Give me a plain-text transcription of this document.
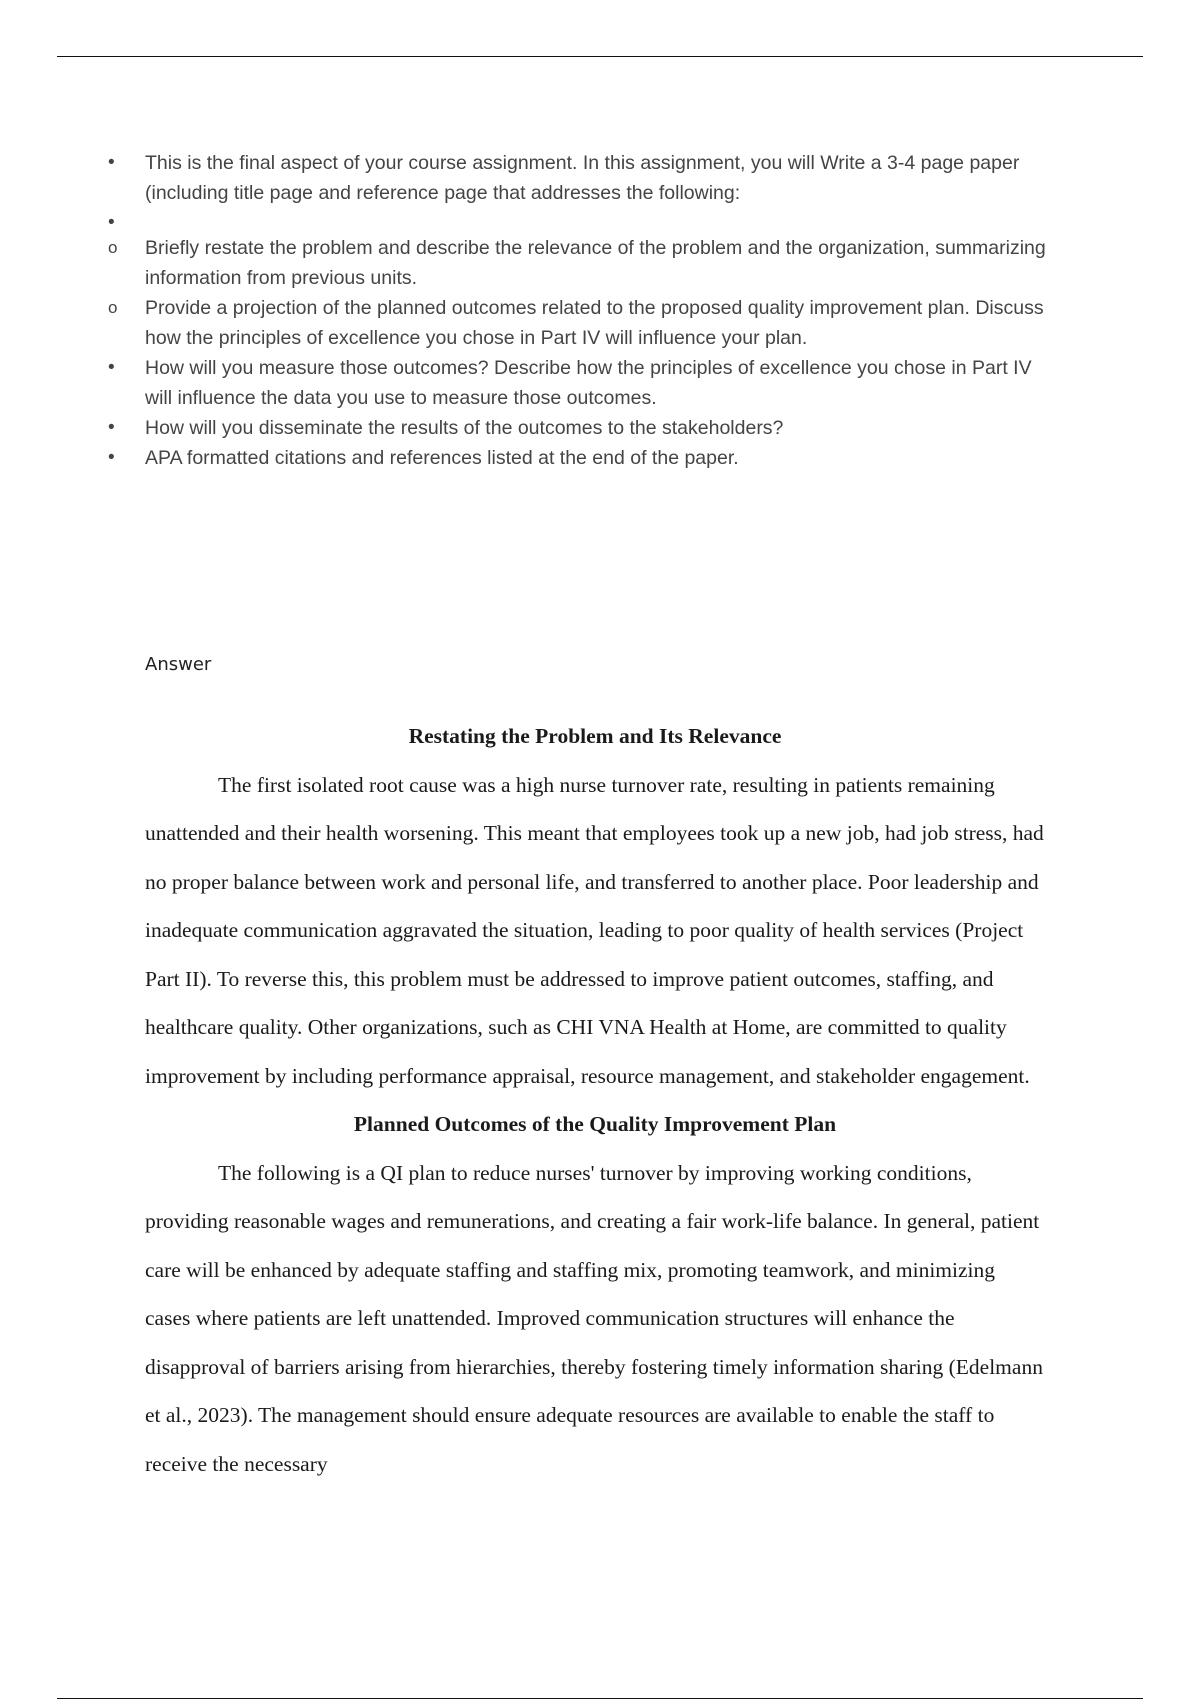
•	This is the final aspect of your course assignment. In this assignment, you will Write a 3-4 page paper (including title page and reference page that addresses the following:
•
o	Briefly restate the problem and describe the relevance of the problem and the organization, summarizing information from previous units.
o	Provide a projection of the planned outcomes related to the proposed quality improvement plan. Discuss how the principles of excellence you chose in Part IV will influence your plan.
•	How will you measure those outcomes? Describe how the principles of excellence you chose in Part IV will influence the data you use to measure those outcomes.
•	How will you disseminate the results of the outcomes to the stakeholders?
•	APA formatted citations and references listed at the end of the paper.
Answer
Restating the Problem and Its Relevance

The first isolated root cause was a high nurse turnover rate, resulting in patients remaining unattended and their health worsening. This meant that employees took up a new job, had job stress, had no proper balance between work and personal life, and transferred to another place. Poor leadership and inadequate communication aggravated the situation, leading to poor quality of health services (Project Part II). To reverse this, this problem must be addressed to improve patient outcomes, staffing, and healthcare quality. Other organizations, such as CHI VNA Health at Home, are committed to quality improvement by including performance appraisal, resource management, and stakeholder engagement.

Planned Outcomes of the Quality Improvement Plan

The following is a QI plan to reduce nurses' turnover by improving working conditions, providing reasonable wages and remunerations, and creating a fair work-life balance. In general, patient care will be enhanced by adequate staffing and staffing mix, promoting teamwork, and minimizing cases where patients are left unattended. Improved communication structures will enhance the disapproval of barriers arising from hierarchies, thereby fostering timely information sharing (Edelmann et al., 2023). The management should ensure adequate resources are available to enable the staff to receive the necessary
